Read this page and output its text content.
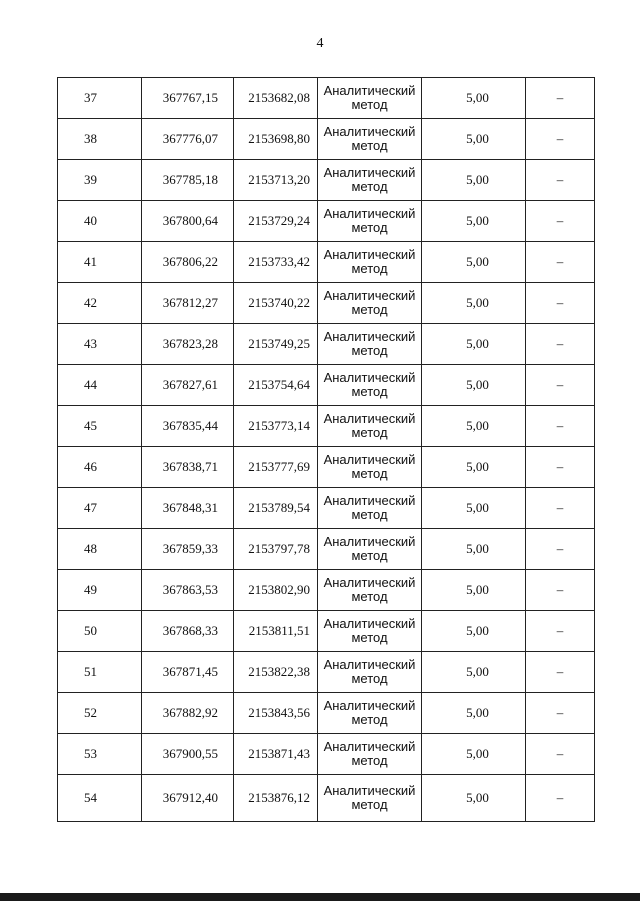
4
37	367767,15	2153682,08	Аналитический
метод	5,00	–
38	367776,07	2153698,80	Аналитический
метод	5,00	–
39	367785,18	2153713,20	Аналитический
метод	5,00	–
40	367800,64	2153729,24	Аналитический
метод	5,00	–
41	367806,22	2153733,42	Аналитический
метод	5,00	–
42	367812,27	2153740,22	Аналитический
метод	5,00	–
43	367823,28	2153749,25	Аналитический
метод	5,00	–
44	367827,61	2153754,64	Аналитический
метод	5,00	–
45	367835,44	2153773,14	Аналитический
метод	5,00	–
46	367838,71	2153777,69	Аналитический
метод	5,00	–
47	367848,31	2153789,54	Аналитический
метод	5,00	–
48	367859,33	2153797,78	Аналитический
метод	5,00	–
49	367863,53	2153802,90	Аналитический
метод	5,00	–
50	367868,33	2153811,51	Аналитический
метод	5,00	–
51	367871,45	2153822,38	Аналитический
метод	5,00	–
52	367882,92	2153843,56	Аналитический
метод	5,00	–
53	367900,55	2153871,43	Аналитический
метод	5,00	–
54	367912,40	2153876,12	Аналитический
метод	5,00	–
